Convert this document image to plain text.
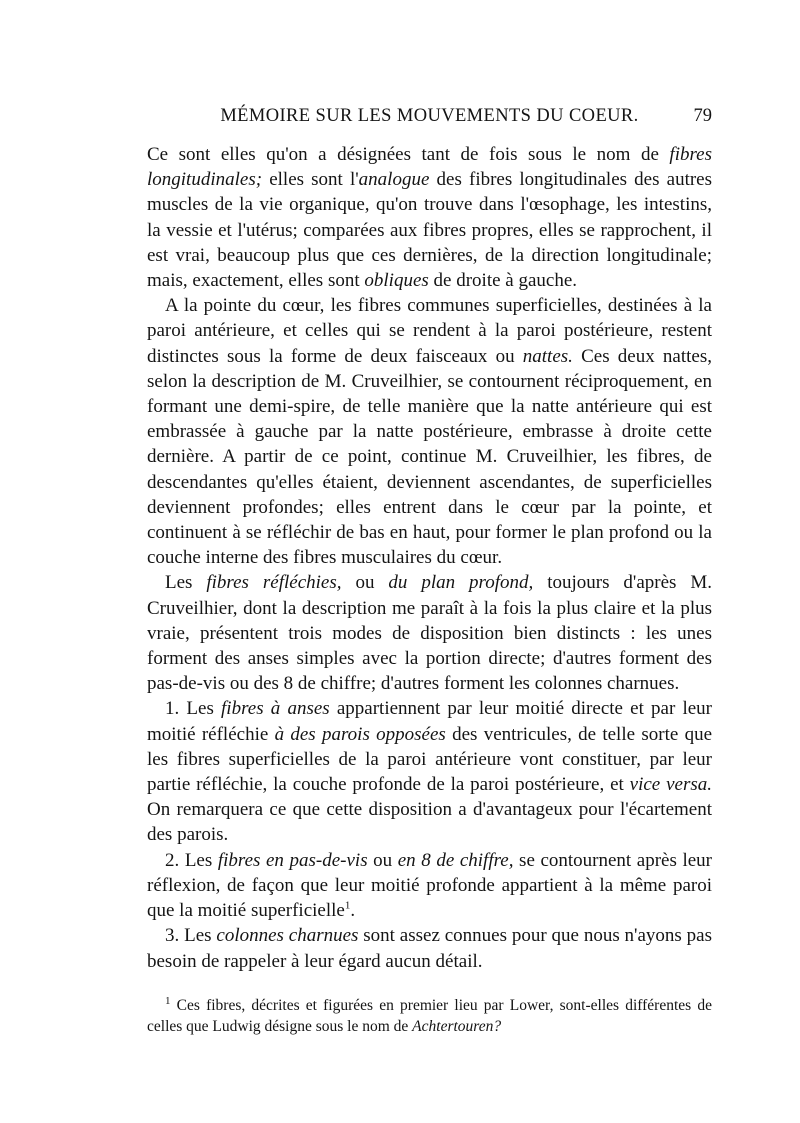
MÉMOIRE SUR LES MOUVEMENTS DU COEUR.	79

Ce sont elles qu'on a désignées tant de fois sous le nom de fibres longitudinales; elles sont l'analogue des fibres longitudinales des autres muscles de la vie organique, qu'on trouve dans l'œsophage, les intestins, la vessie et l'utérus; comparées aux fibres propres, elles se rapprochent, il est vrai, beaucoup plus que ces dernières, de la direction longitudinale; mais, exactement, elles sont obliques de droite à gauche.

A la pointe du cœur, les fibres communes superficielles, destinées à la paroi antérieure, et celles qui se rendent à la paroi postérieure, restent distinctes sous la forme de deux faisceaux ou nattes. Ces deux nattes, selon la description de M. Cruveilhier, se contournent réciproquement, en formant une demi-spire, de telle manière que la natte antérieure qui est embrassée à gauche par la natte postérieure, embrasse à droite cette dernière. A partir de ce point, continue M. Cruveilhier, les fibres, de descendantes qu'elles étaient, deviennent ascendantes, de superficielles deviennent profondes; elles entrent dans le cœur par la pointe, et continuent à se réfléchir de bas en haut, pour former le plan profond ou la couche interne des fibres musculaires du cœur.

Les fibres réfléchies, ou du plan profond, toujours d'après M. Cruveilhier, dont la description me paraît à la fois la plus claire et la plus vraie, présentent trois modes de disposition bien distincts : les unes forment des anses simples avec la portion directe; d'autres forment des pas-de-vis ou des 8 de chiffre; d'autres forment les colonnes charnues.

1. Les fibres à anses appartiennent par leur moitié directe et par leur moitié réfléchie à des parois opposées des ventricules, de telle sorte que les fibres superficielles de la paroi antérieure vont constituer, par leur partie réfléchie, la couche profonde de la paroi postérieure, et vice versa. On remarquera ce que cette disposition a d'avantageux pour l'écartement des parois.

2. Les fibres en pas-de-vis ou en 8 de chiffre, se contournent après leur réflexion, de façon que leur moitié profonde appartient à la même paroi que la moitié superficielle$^1$.

3. Les colonnes charnues sont assez connues pour que nous n'ayons pas besoin de rappeler à leur égard aucun détail.

$^1$ Ces fibres, décrites et figurées en premier lieu par Lower, sont-elles différentes de celles que Ludwig désigne sous le nom de Achtertouren?
